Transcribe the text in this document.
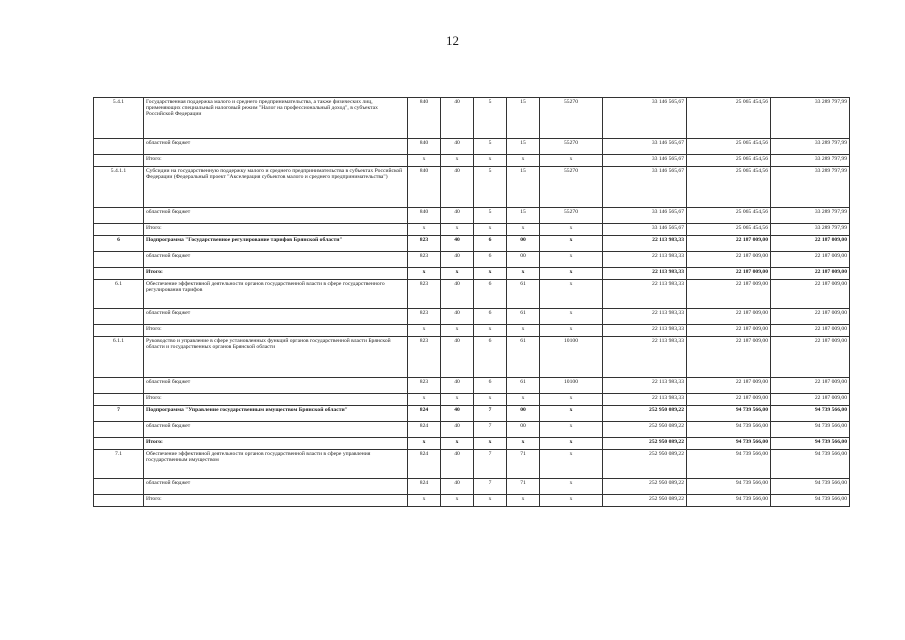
12
5.4.1	Государственная поддержка малого и среднего предпринимательства, а также физических лиц, применяющих специальный налоговый режим "Налог на профессиональный доход", в субъектах Российской Федерации	840	40	5	15	55270	33 146 565,67	25 065 454,56	33 289 797,99
	областной бюджет	840	40	5	15	55270	33 146 565,67	25 065 454,56	33 289 797,99
	Итого:	х	х	х	х	х	33 146 565,67	25 065 454,56	33 289 797,99
5.4.1.1	Субсидии на государственную поддержку малого и среднего предпринимательства в субъектах Российской Федерации (Федеральный проект "Акселерация субъектов малого и среднего предпринимательства")	840	40	5	15	55270	33 146 565,67	25 065 454,56	33 289 797,99
	областной бюджет	840	40	5	15	55270	33 146 565,67	25 065 454,56	33 289 797,99
	Итого:	х	х	х	х	х	33 146 565,67	25 065 454,56	33 289 797,99
6	Подпрограмма "Государственное регулирование тарифов Брянской области"	823	40	6	00	х	22 113 983,33	22 187 009,00	22 187 009,00
	областной бюджет	823	40	6	00	х	22 113 983,33	22 187 009,00	22 187 009,00
	Итого:	х	х	х	х	х	22 113 983,33	22 187 009,00	22 187 009,00
6.1	Обеспечение эффективной деятельности органов государственной власти в сфере государственного регулирования тарифов	823	40	6	61	х	22 113 983,33	22 187 009,00	22 187 009,00
	областной бюджет	823	40	6	61	х	22 113 983,33	22 187 009,00	22 187 009,00
	Итого:	х	х	х	х	х	22 113 983,33	22 187 009,00	22 187 009,00
6.1.1	Руководство и управление в сфере установленных функций органов государственной власти Брянской области и государственных органов Брянской области	823	40	6	61	10100	22 113 983,33	22 187 009,00	22 187 009,00
	областной бюджет	823	40	6	61	10100	22 113 983,33	22 187 009,00	22 187 009,00
	Итого:	х	х	х	х	х	22 113 983,33	22 187 009,00	22 187 009,00
7	Подпрограмма "Управление государственным имуществом Брянской области"	824	40	7	00	х	252 950 089,22	94 739 566,00	94 739 566,00
	областной бюджет	824	40	7	00	х	252 950 089,22	94 739 566,00	94 739 566,00
	Итого:	х	х	х	х	х	252 950 089,22	94 739 566,00	94 739 566,00
7.1	Обеспечение эффективной деятельности органов государственной власти в сфере управления государственным имуществом	824	40	7	71	х	252 950 089,22	94 739 566,00	94 739 566,00
	областной бюджет	824	40	7	71	х	252 950 089,22	94 739 566,00	94 739 566,00
	Итого:	х	х	х	х	х	252 950 089,22	94 739 566,00	94 739 566,00
